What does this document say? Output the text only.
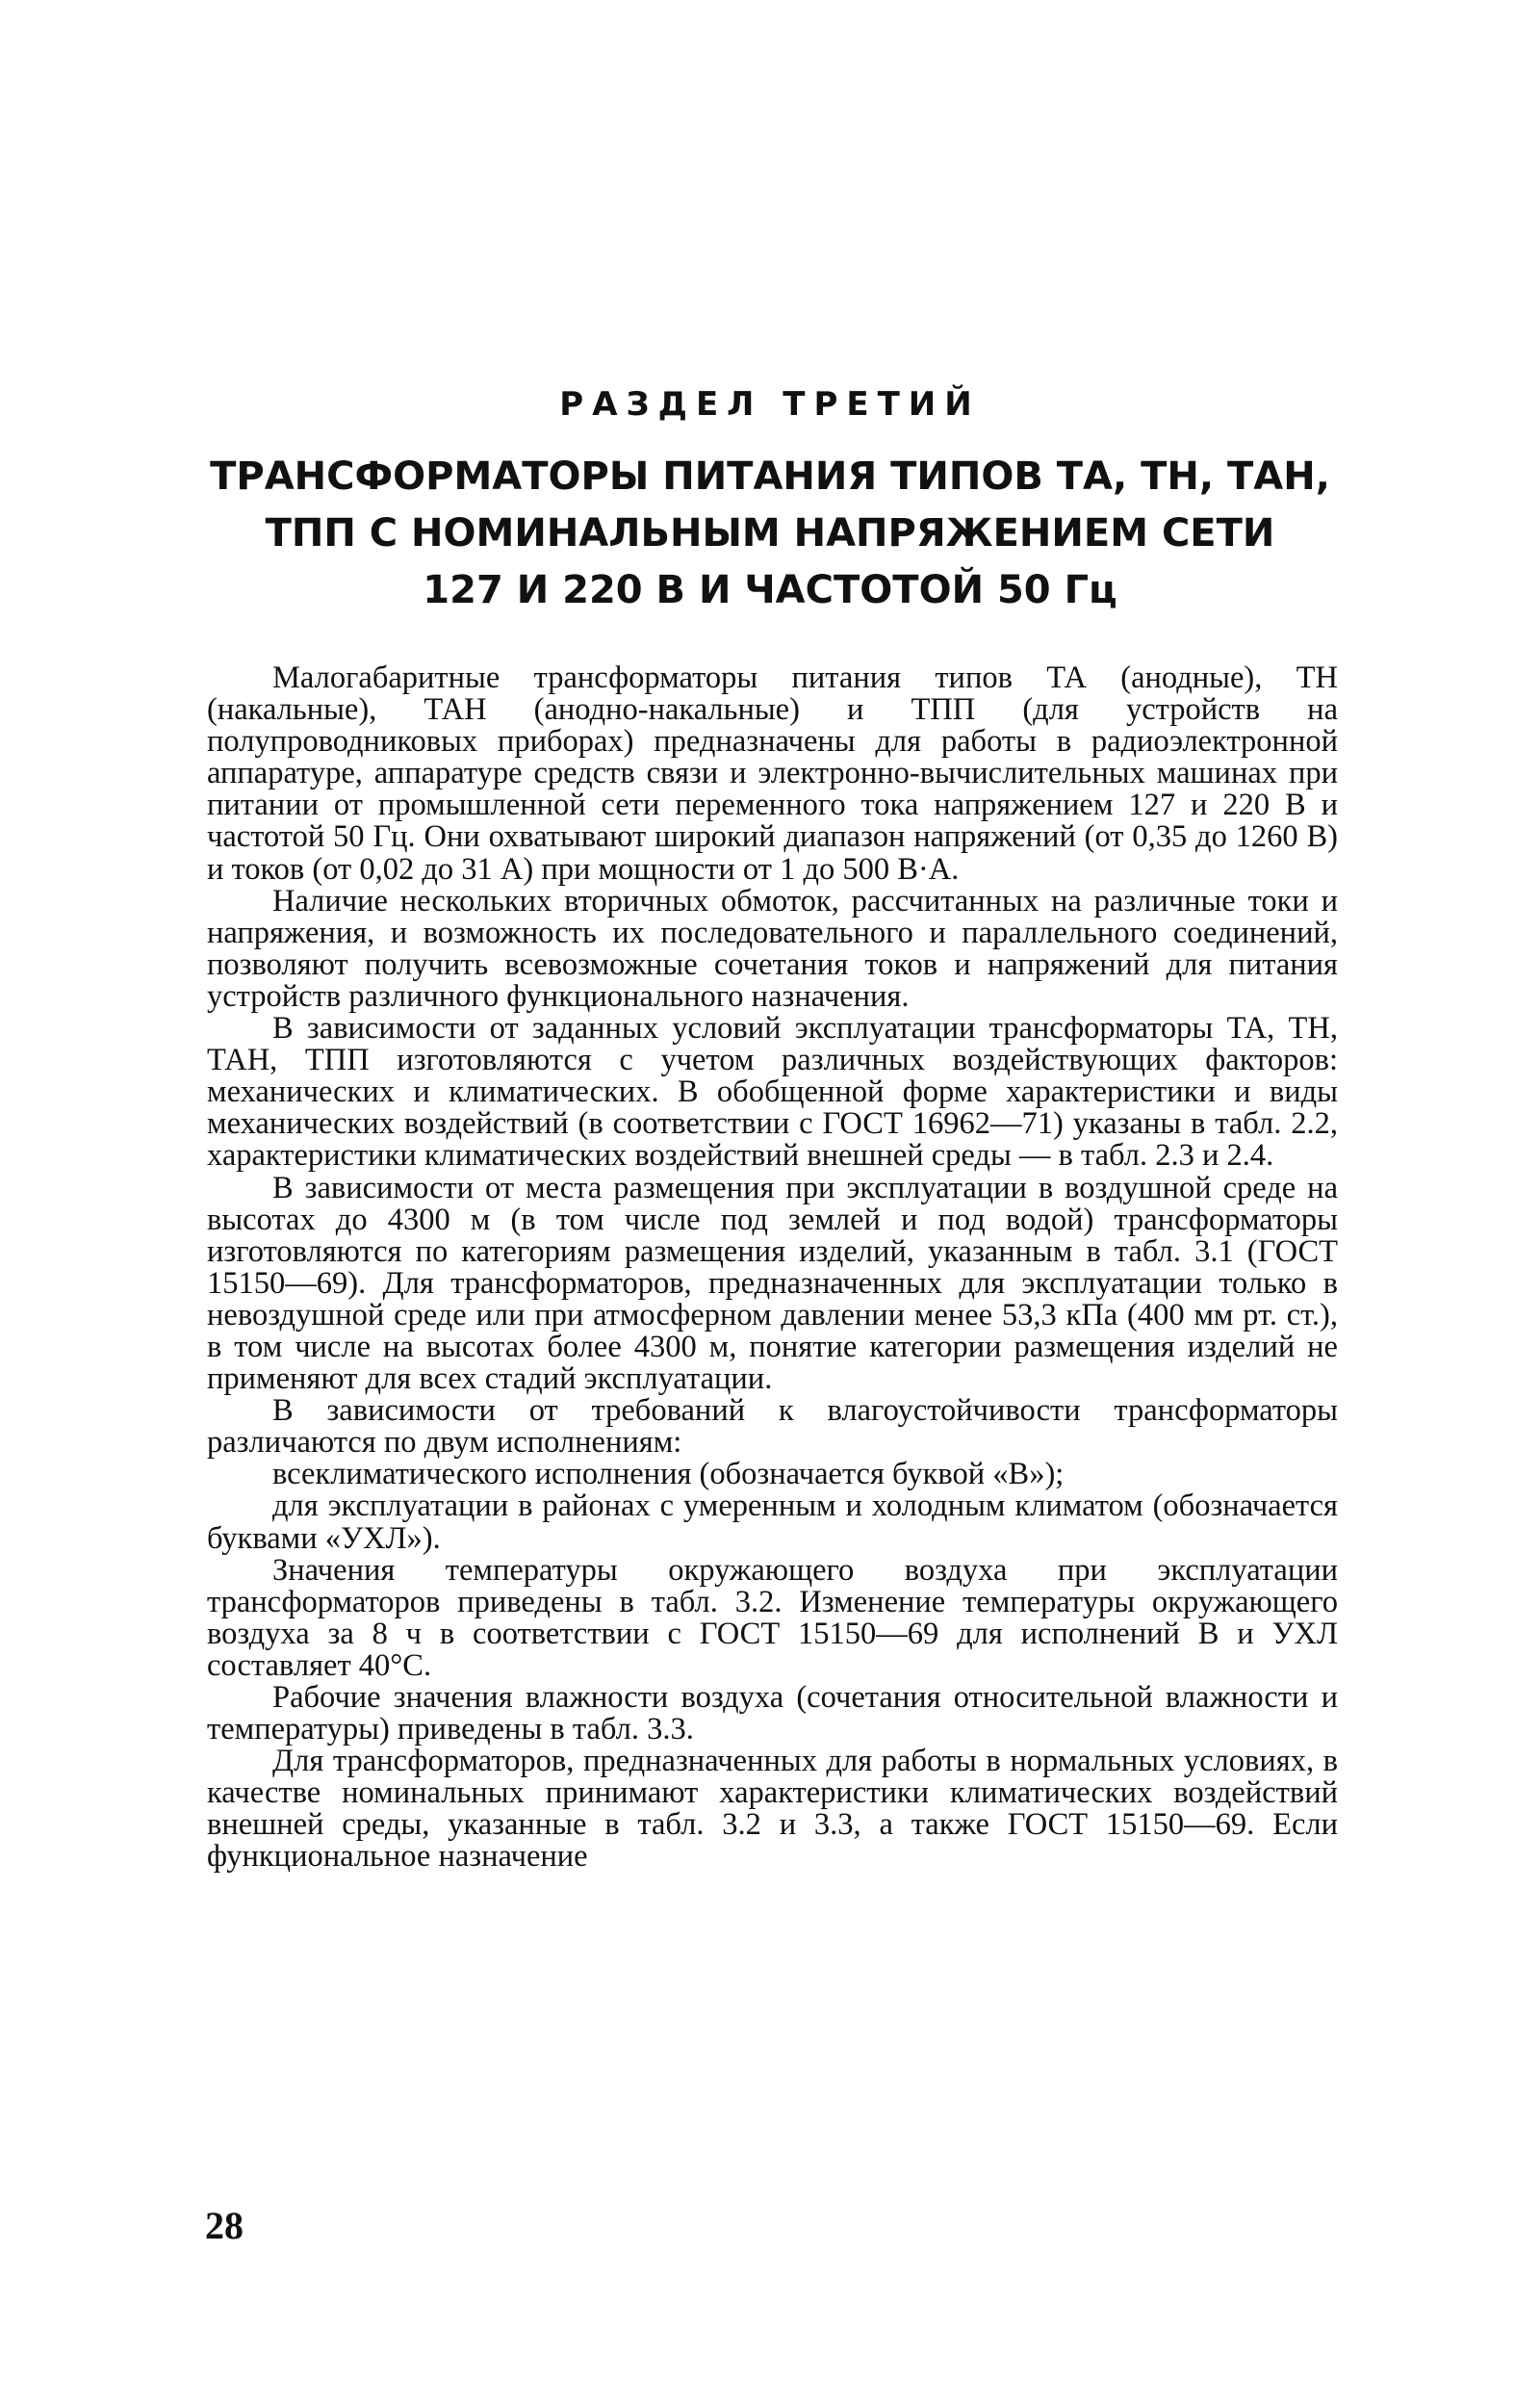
РАЗДЕЛ ТРЕТИЙ
ТРАНСФОРМАТОРЫ ПИТАНИЯ ТИПОВ ТА, ТН, ТАН,
ТПП С НОМИНАЛЬНЫМ НАПРЯЖЕНИЕМ СЕТИ
127 И 220 В И ЧАСТОТОЙ 50 Гц

Малогабаритные трансформаторы питания типов ТА (анодные), ТН (накальные), ТАН (анодно-накальные) и ТПП (для устройств на полупроводниковых приборах) предназначены для работы в радиоэлектронной аппаратуре, аппаратуре средств связи и электронно-вычислительных машинах при питании от промышленной сети переменного тока напряжением 127 и 220 В и частотой 50 Гц. Они охватывают широкий диапазон напряжений (от 0,35 до 1260 В) и токов (от 0,02 до 31 А) при мощности от 1 до 500 В·А.

Наличие нескольких вторичных обмоток, рассчитанных на различные токи и напряжения, и возможность их последовательного и параллельного соединений, позволяют получить всевозможные сочетания токов и напряжений для питания устройств различного функционального назначения.

В зависимости от заданных условий эксплуатации трансформаторы ТА, ТН, ТАН, ТПП изготовляются с учетом различных воздействующих факторов: механических и климатических. В обобщенной форме характеристики и виды механических воздействий (в соответствии с ГОСТ 16962—71) указаны в табл. 2.2, характеристики климатических воздействий внешней среды — в табл. 2.3 и 2.4.

В зависимости от места размещения при эксплуатации в воздушной среде на высотах до 4300 м (в том числе под землей и под водой) трансформаторы изготовляются по категориям размещения изделий, указанным в табл. 3.1 (ГОСТ 15150—69). Для трансформаторов, предназначенных для эксплуатации только в невоздушной среде или при атмосферном давлении менее 53,3 кПа (400 мм рт. ст.), в том числе на высотах более 4300 м, понятие категории размещения изделий не применяют для всех стадий эксплуатации.

В зависимости от требований к влагоустойчивости трансформаторы различаются по двум исполнениям:

всеклиматического исполнения (обозначается буквой «В»);

для эксплуатации в районах с умеренным и холодным климатом (обозначается буквами «УХЛ»).

Значения температуры окружающего воздуха при эксплуатации трансформаторов приведены в табл. 3.2. Изменение температуры окружающего воздуха за 8 ч в соответствии с ГОСТ 15150—69 для исполнений В и УХЛ составляет 40°С.

Рабочие значения влажности воздуха (сочетания относительной влажности и температуры) приведены в табл. 3.3.

Для трансформаторов, предназначенных для работы в нормальных условиях, в качестве номинальных принимают характеристики климатических воздействий внешней среды, указанные в табл. 3.2 и 3.3, а также ГОСТ 15150—69. Если функциональное назначение

28
